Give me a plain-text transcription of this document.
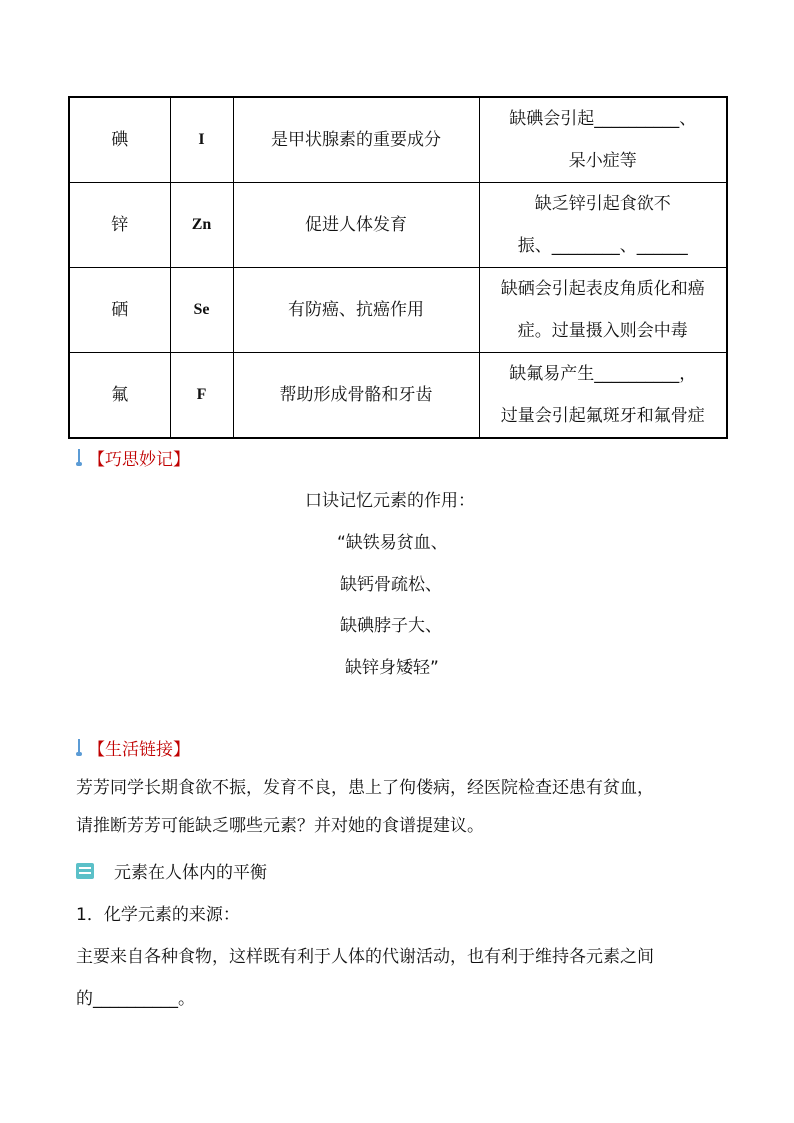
碘	I	是甲状腺素的重要成分	缺碘会引起__________、
呆小症等

锌	Zn	促进人体发育	缺乏锌引起食欲不
振、________、______

硒	Se	有防癌、抗癌作用	缺硒会引起表皮角质化和癌
症。过量摄入则会中毒

氟	F	帮助形成骨骼和牙齿	缺氟易产生__________，
过量会引起氟斑牙和氟骨症
【巧思妙记】
口诀记忆元素的作用：
“缺铁易贫血、
缺钙骨疏松、
缺碘脖子大、
缺锌身矮轻”
【生活链接】
芳芳同学长期食欲不振，发育不良，患上了佝偻病，经医院检查还患有贫血，
请推断芳芳可能缺乏哪些元素？并对她的食谱提建议。
元素在人体内的平衡
1．化学元素的来源：
主要来自各种食物，这样既有利于人体的代谢活动，也有利于维持各元素之间
的__________。
